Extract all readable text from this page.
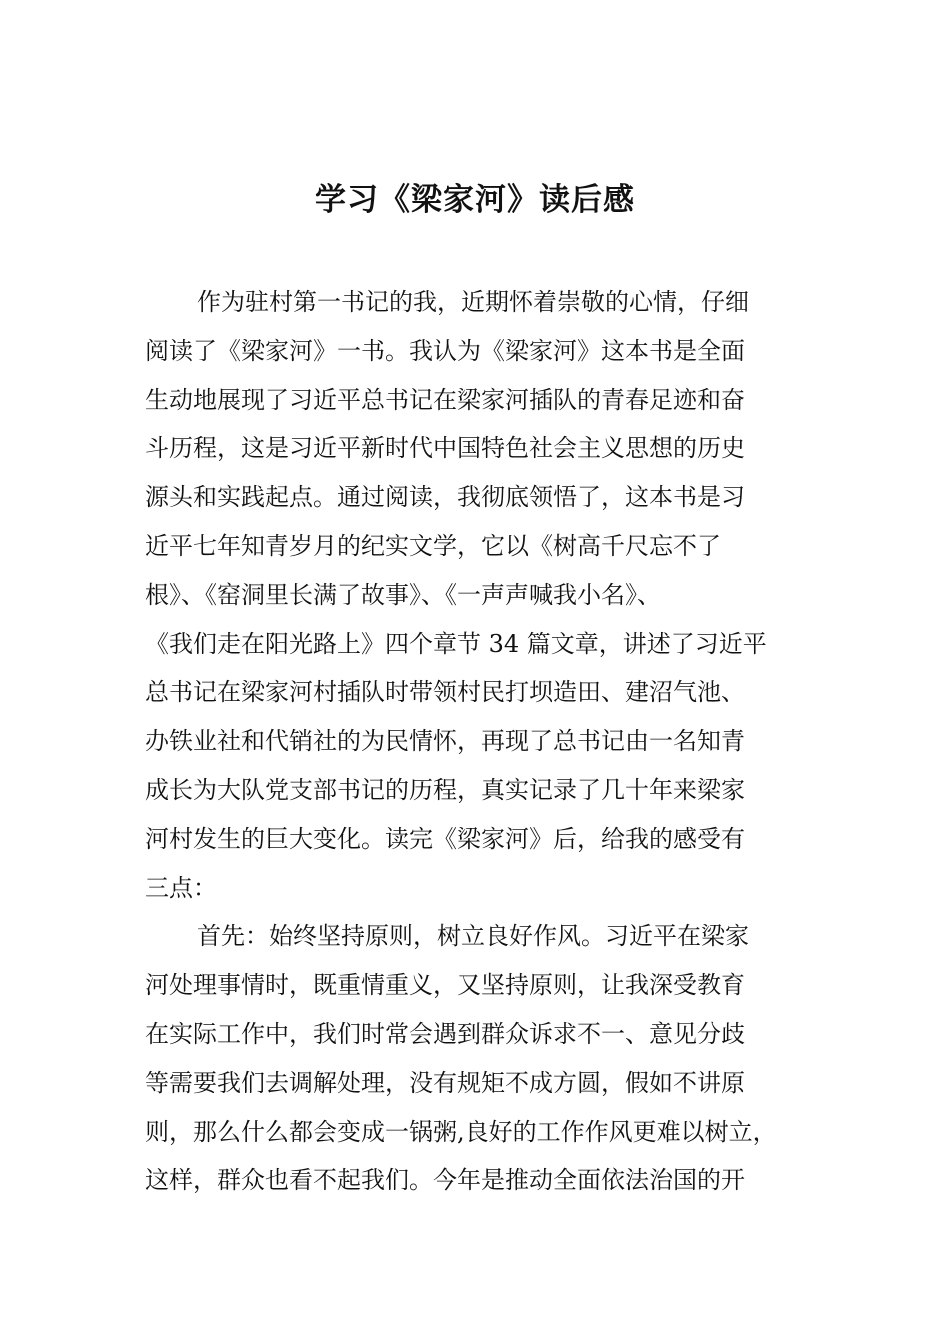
学习《梁家河》读后感
作为驻村第一书记的我，近期怀着崇敬的心情，仔细
阅读了《梁家河》一书。我认为《梁家河》这本书是全面
生动地展现了习近平总书记在梁家河插队的青春足迹和奋
斗历程，这是习近平新时代中国特色社会主义思想的历史
源头和实践起点。通过阅读，我彻底领悟了，这本书是习
近平七年知青岁月的纪实文学，它以《树高千尺忘不了
根》、《窑洞里长满了故事》、《一声声喊我小名》、
《我们走在阳光路上》四个章节 34 篇文章，讲述了习近平
总书记在梁家河村插队时带领村民打坝造田、建沼气池、
办铁业社和代销社的为民情怀，再现了总书记由一名知青
成长为大队党支部书记的历程，真实记录了几十年来梁家
河村发生的巨大变化。读完《梁家河》后，给我的感受有
三点：
首先：始终坚持原则，树立良好作风。习近平在梁家
河处理事情时，既重情重义，又坚持原则，让我深受教育
在实际工作中，我们时常会遇到群众诉求不一、意见分歧
等需要我们去调解处理，没有规矩不成方圆，假如不讲原
则，那么什么都会变成一锅粥,良好的工作作风更难以树立，
这样，群众也看不起我们。今年是推动全面依法治国的开
